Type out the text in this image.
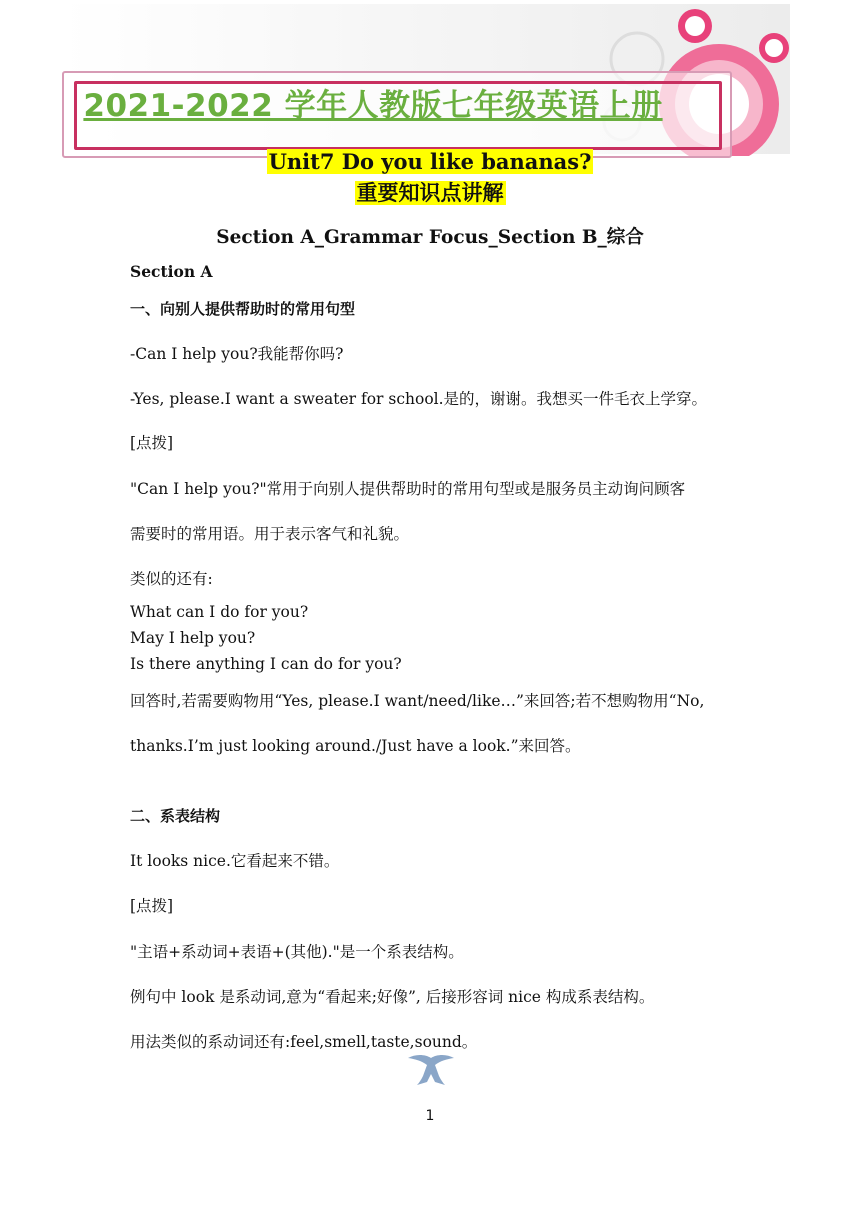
2021-2022 学年人教版七年级英语上册
Unit7 Do you like bananas?
重要知识点讲解
Section A_Grammar Focus_Section B_综合
Section A
一、向别人提供帮助时的常用句型
-Can I help you?我能帮你吗?
-Yes, please.I want a sweater for school.是的，谢谢。我想买一件毛衣上学穿。
[点拨]
"Can I help you?"常用于向别人提供帮助时的常用句型或是服务员主动询问顾客
需要时的常用语。用于表示客气和礼貌。
类似的还有:
What can I do for you?
May I help you?
Is there anything I can do for you?
回答时,若需要购物用“Yes, please.I want/need/like…”来回答;若不想购物用“No,
thanks.I’m just looking around./Just have a look.”来回答。
二、系表结构
It looks nice.它看起来不错。
[点拨]
"主语+系动词+表语+(其他)."是一个系表结构。
例句中 look 是系动词,意为“看起来;好像”, 后接形容词 nice 构成系表结构。
用法类似的系动词还有:feel,smell,taste,sound。
1
